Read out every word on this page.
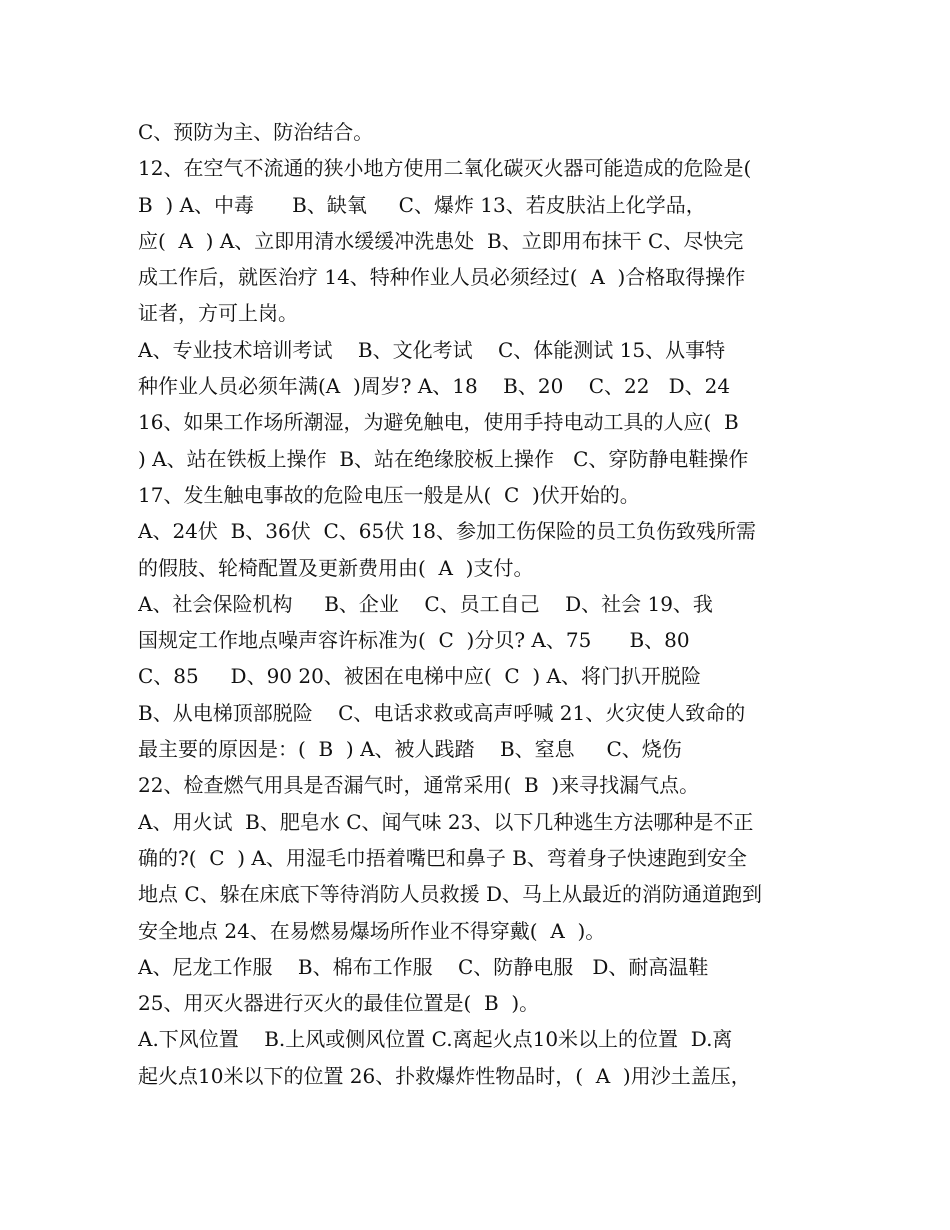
C、预防为主、防治结合。
12、在空气不流通的狭小地方使用二氧化碳灭火器可能造成的危险是(
B  ) A、中毒      B、缺氧     C、爆炸 13、若皮肤沾上化学品，
应(  A  ) A、立即用清水缓缓冲洗患处  B、立即用布抹干 C、尽快完
成工作后，就医治疗 14、特种作业人员必须经过(  A  )合格取得操作
证者，方可上岗。
A、专业技术培训考试    B、文化考试    C、体能测试 15、从事特
种作业人员必须年满(A  )周岁? A、18    B、20    C、22   D、24
16、如果工作场所潮湿，为避免触电，使用手持电动工具的人应(  B
) A、站在铁板上操作  B、站在绝缘胶板上操作   C、穿防静电鞋操作
17、发生触电事故的危险电压一般是从(  C  )伏开始的。
A、24伏  B、36伏  C、65伏 18、参加工伤保险的员工负伤致残所需
的假肢、轮椅配置及更新费用由(  A  )支付。
A、社会保险机构     B、企业    C、员工自己    D、社会 19、我
国规定工作地点噪声容许标准为(  C  )分贝? A、75      B、80
C、85     D、90 20、被困在电梯中应(  C  ) A、将门扒开脱险
B、从电梯顶部脱险    C、电话求救或高声呼喊 21、火灾使人致命的
最主要的原因是：(  B  ) A、被人践踏    B、窒息     C、烧伤
22、检查燃气用具是否漏气时，通常采用(  B  )来寻找漏气点。
A、用火试  B、肥皂水 C、闻气味 23、以下几种逃生方法哪种是不正
确的?(  C  ) A、用湿毛巾捂着嘴巴和鼻子 B、弯着身子快速跑到安全
地点 C、躲在床底下等待消防人员救援 D、马上从最近的消防通道跑到
安全地点 24、在易燃易爆场所作业不得穿戴(  A  )。
A、尼龙工作服    B、棉布工作服    C、防静电服   D、耐高温鞋
25、用灭火器进行灭火的最佳位置是(  B  )。
A.下风位置    B.上风或侧风位置 C.离起火点10米以上的位置  D.离
起火点10米以下的位置 26、扑救爆炸性物品时，(  A  )用沙土盖压，
